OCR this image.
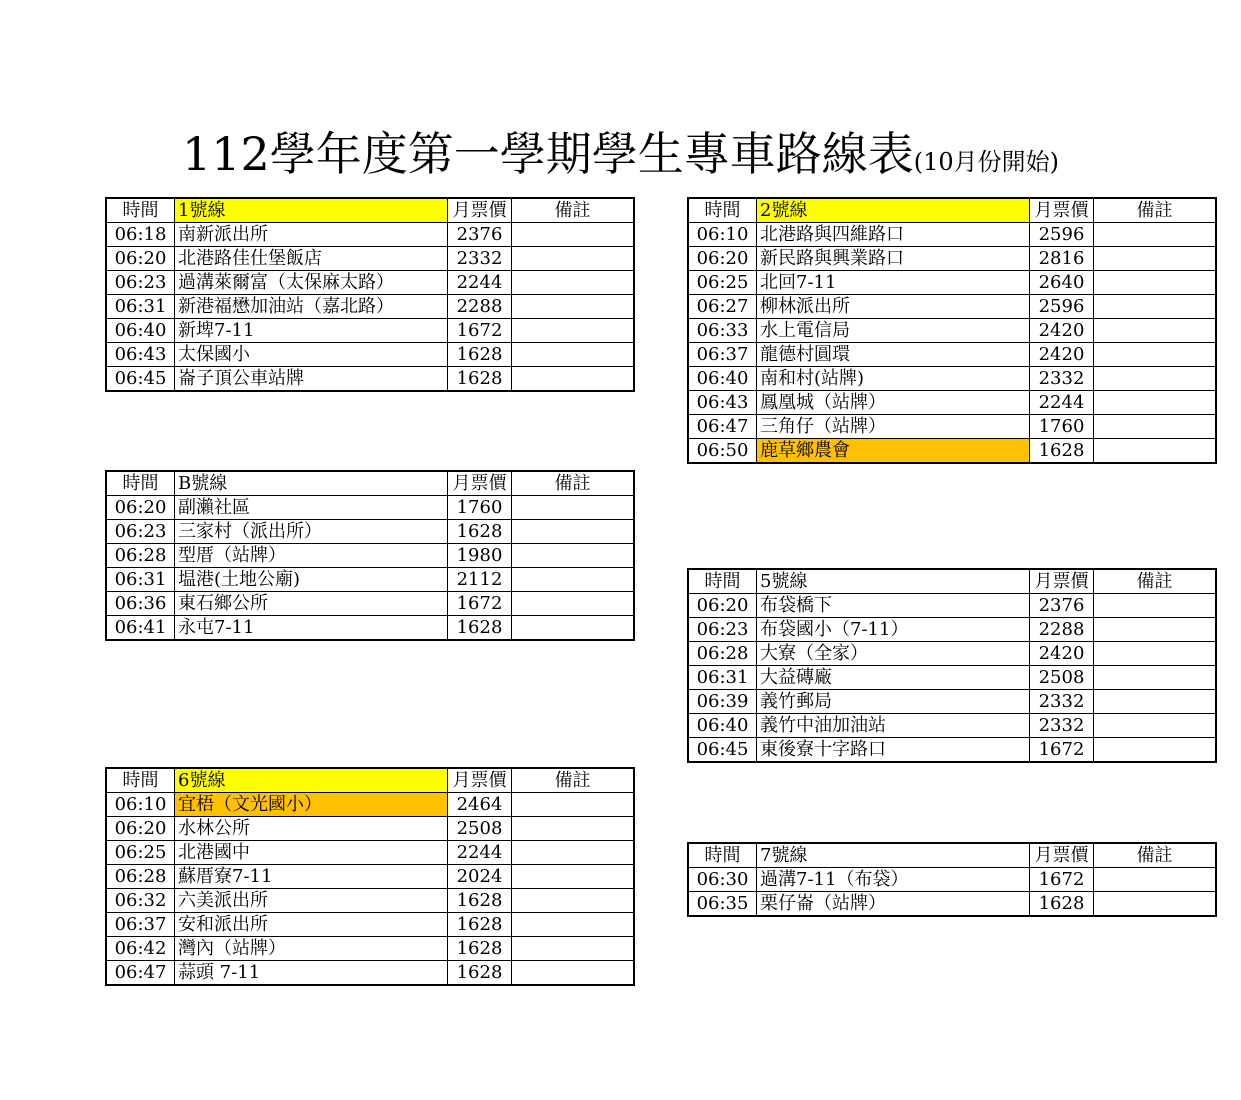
112學年度第一學期學生專車路線表(10月份開始)
時間	1號線	月票價	備註
06:18	南新派出所	2376	
06:20	北港路佳仕堡飯店	2332	
06:23	過溝萊爾富（太保麻太路）	2244	
06:31	新港福懋加油站（嘉北路）	2288	
06:40	新埤7-11	1672	
06:43	太保國小	1628	
06:45	崙子頂公車站牌	1628	
時間	2號線	月票價	備註
06:10	北港路與四維路口	2596	
06:20	新民路與興業路口	2816	
06:25	北回7-11	2640	
06:27	柳林派出所	2596	
06:33	水上電信局	2420	
06:37	龍德村圓環	2420	
06:40	南和村(站牌)	2332	
06:43	鳳凰城（站牌）	2244	
06:47	三角仔（站牌）	1760	
06:50	鹿草鄉農會	1628	
時間	B號線	月票價	備註
06:20	副瀨社區	1760	
06:23	三家村（派出所）	1628	
06:28	型厝（站牌）	1980	
06:31	塭港(土地公廟)	2112	
06:36	東石鄉公所	1672	
06:41	永屯7-11	1628	
時間	5號線	月票價	備註
06:20	布袋橋下	2376	
06:23	布袋國小（7-11）	2288	
06:28	大寮（全家）	2420	
06:31	大益磚廠	2508	
06:39	義竹郵局	2332	
06:40	義竹中油加油站	2332	
06:45	東後寮十字路口	1672	
時間	6號線	月票價	備註
06:10	宜梧（文光國小）	2464	
06:20	水林公所	2508	
06:25	北港國中	2244	
06:28	蘇厝寮7-11	2024	
06:32	六美派出所	1628	
06:37	安和派出所	1628	
06:42	灣內（站牌）	1628	
06:47	蒜頭 7-11	1628	
時間	7號線	月票價	備註
06:30	過溝7-11（布袋）	1672	
06:35	栗仔崙（站牌）	1628	
